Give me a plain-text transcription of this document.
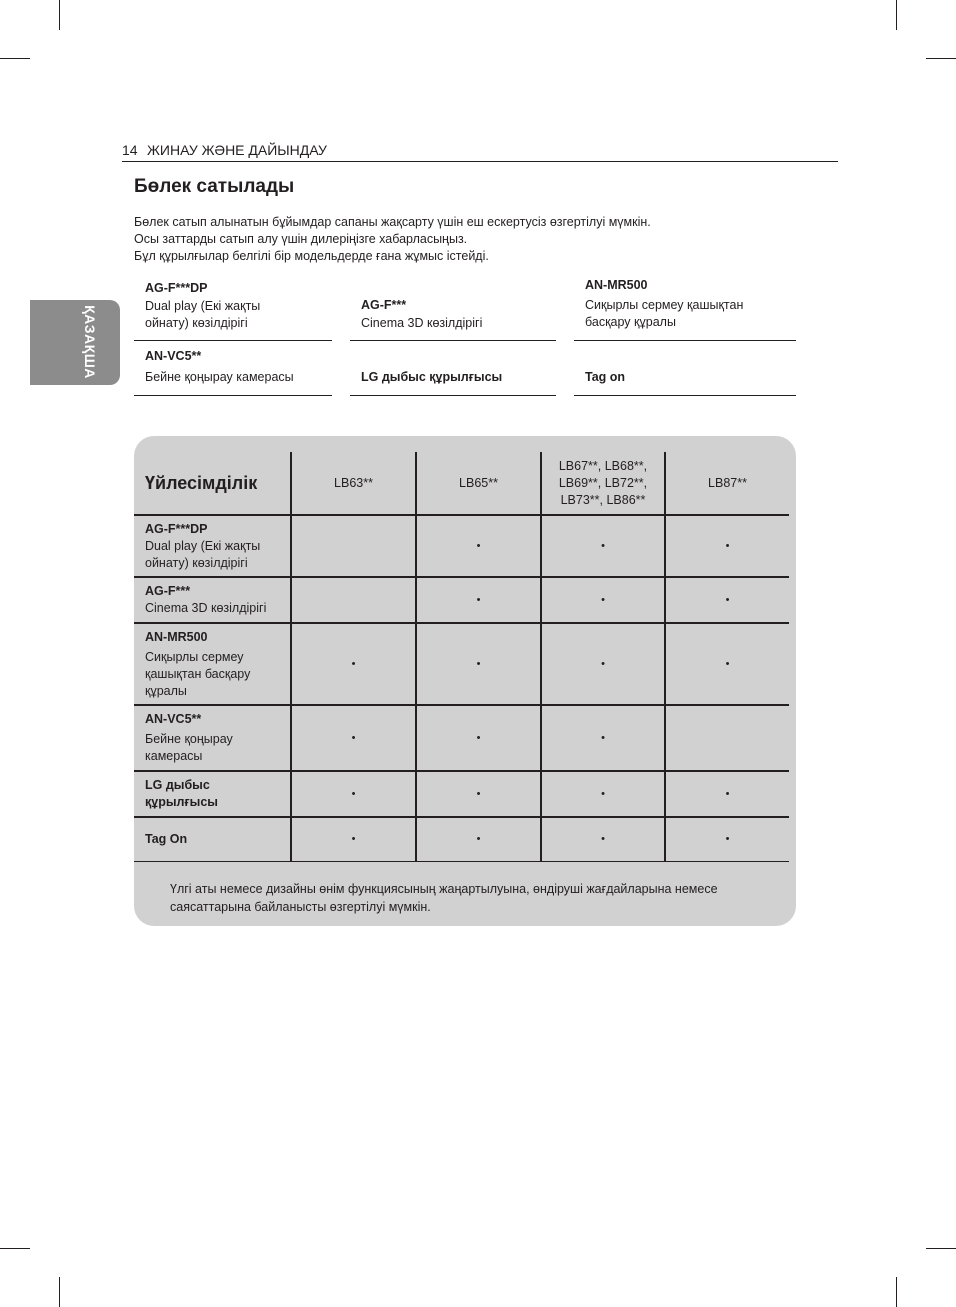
14 ЖИНАУ ЖӘНЕ ДАЙЫНДАУ
ҚАЗАҚША
Бөлек сатылады
Бөлек сатып алынатын бұйымдар сапаны жақсарту үшін еш ескертусіз өзгертілуі мүмкін.
Осы заттарды сатып алу үшін дилеріңізге хабарласыңыз.
Бұл құрылғылар белгілі бір модельдерде ғана жұмыс істейді.
AG-F***DP
Dual play (Екі жақты ойнату) көзілдірігі
AG-F***
Cinema 3D көзілдірігі
AN-MR500
Сиқырлы сермеу қашықтан басқару құралы
AN-VC5**
Бейне қоңырау камерасы	LG дыбыс құрылғысы	Tag on
Үйлесімділік	LB63**	LB65**	LB67**, LB68**, LB69**, LB72**, LB73**, LB86**	LB87**

AG-F***DP
Dual play (Екі жақты ойнату) көзілдірігі		•	•	•

AG-F***
Cinema 3D көзілдірігі		•	•	•

AN-MR500
Сиқырлы сермеу қашықтан басқару құралы	•	•	•	•

AN-VC5**
Бейне қоңырау камерасы	•	•	•	

LG дыбыс құрылғысы	•	•	•	•

Tag On	•	•	•	•
Үлгі аты немесе дизайны өнім функциясының жаңартылуына, өндіруші жағдайларына немесе саясаттарына байланысты өзгертілуі мүмкін.
